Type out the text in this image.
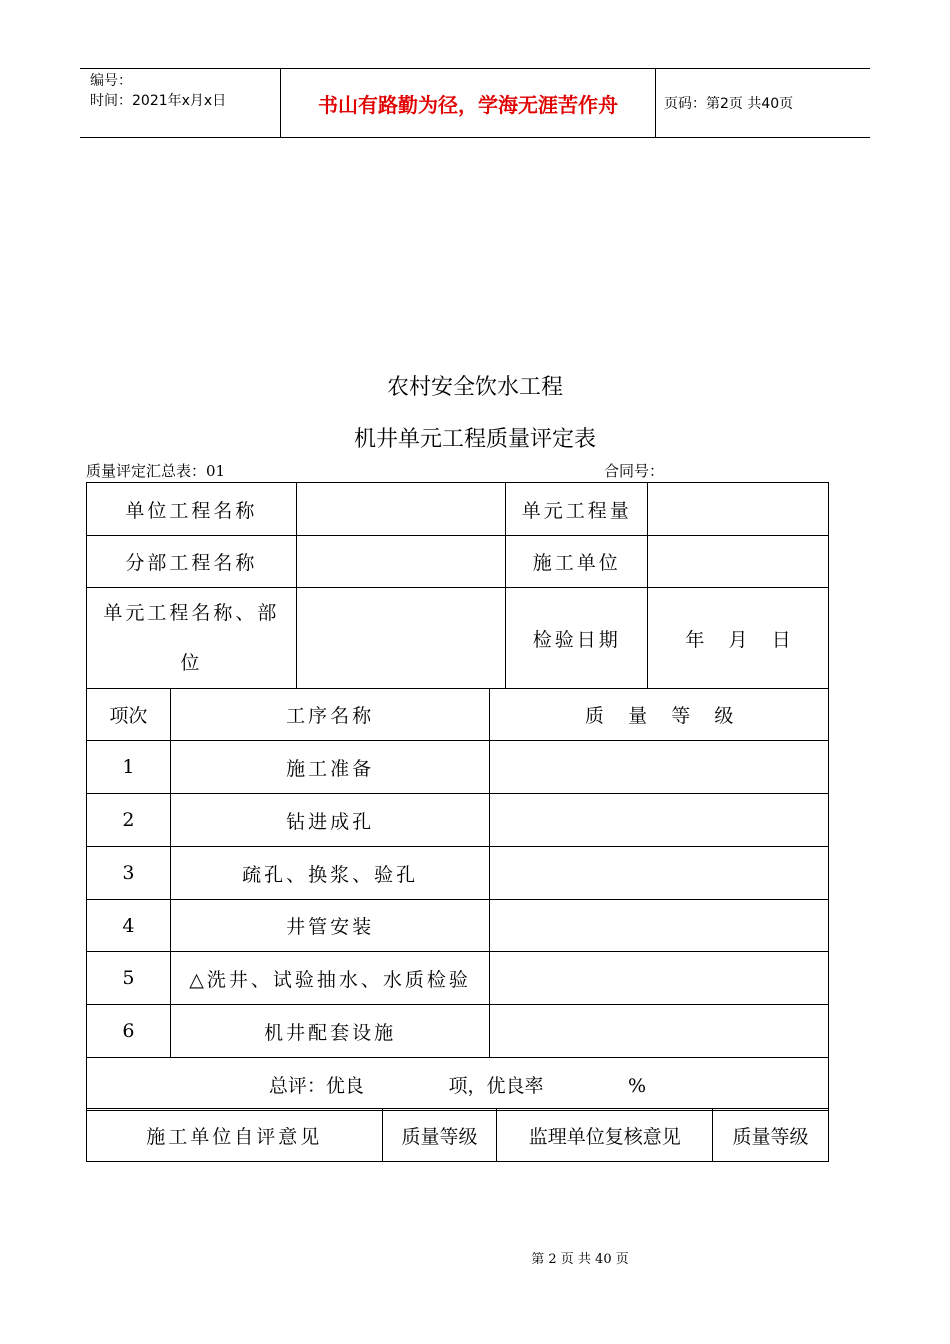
编号：
时间：2021年x月x日	书山有路勤为径，学海无涯苦作舟	页码：第2页 共40页
农村安全饮水工程
机井单元工程质量评定表
质量评定汇总表：01	合同号：
单位工程名称		单元工程量	
分部工程名称		施工单位	

单元工程名称、部
位		检验日期	年    月    日
项次	工序名称	质    量    等    级
1	施工准备	
2	钻进成孔	
3	疏孔、换浆、验孔	
4	井管安装	
5	△洗井、试验抽水、水质检验	
6	机井配套设施	
总评：优良              项，优良率              %		
施工单位自评意见	质量等级	监理单位复核意见	质量等级
第 2 页 共 40 页
